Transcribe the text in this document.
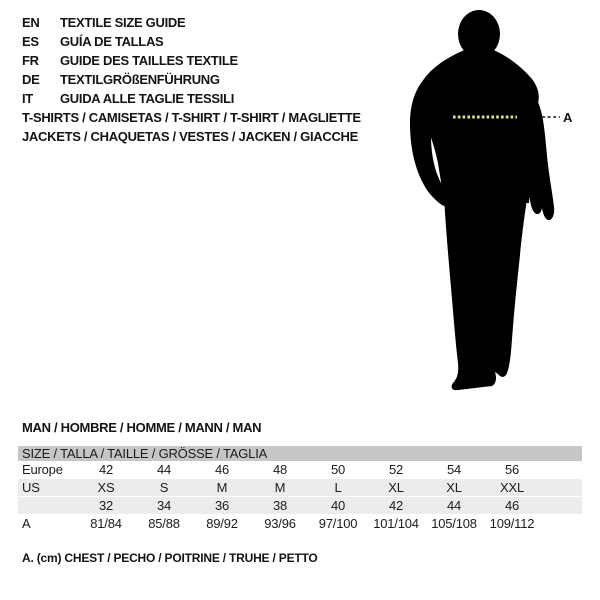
EN	TEXTILE SIZE GUIDE
ES	GUÍA DE TALLAS
FR	GUIDE DES TAILLES TEXTILE
DE	TEXTILGRÖßENFÜHRUNG
IT	GUIDA ALLE TAGLIE TESSILI
T-SHIRTS / CAMISETAS / T-SHIRT / T-SHIRT / MAGLIETTE
JACKETS / CHAQUETAS / VESTES / JACKEN / GIACCHE
A
MAN / HOMBRE / HOMME / MANN / MAN
SIZE / TALLA / TAILLE / GRÖSSE / TAGLIA									
Europe	42	44	46	48	50	52	54	56	
US	XS	S	M	M	L	XL	XL	XXL	
	32	34	36	38	40	42	44	46	
A	81/84	85/88	89/92	93/96	97/100	101/104	105/108	109/112	
A. (cm) CHEST / PECHO / POITRINE / TRUHE / PETTO
